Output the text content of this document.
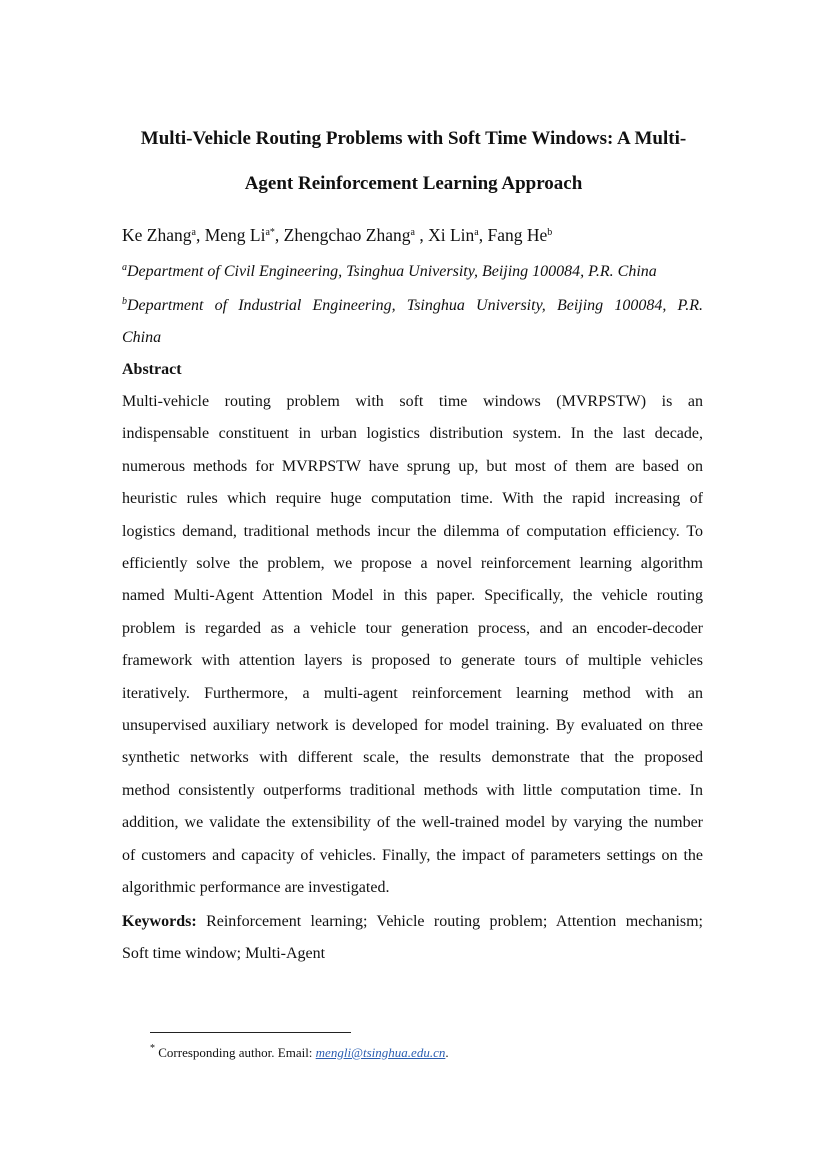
Multi-Vehicle Routing Problems with Soft Time Windows: A Multi-
Agent Reinforcement Learning Approach
Ke Zhang$^a$, Meng $Li^{a*}$, Zhengchao Zhang$^a$ , Xi Lin$^a$, Fang He$^b$
$^a$Department of Civil Engineering, Tsinghua University, Beijing 100084, P.R. China
$^b$Department of Industrial Engineering, Tsinghua University, Beijing 100084, P.R.
China
Abstract
Multi-vehicle routing problem with soft time windows (MVRPSTW) is an
indispensable constituent in urban logistics distribution system. In the last decade,
numerous methods for MVRPSTW have sprung up, but most of them are based on
heuristic rules which require huge computation time. With the rapid increasing of
logistics demand, traditional methods incur the dilemma of computation efficiency. To
efficiently solve the problem, we propose a novel reinforcement learning algorithm
named Multi-Agent Attention Model in this paper. Specifically, the vehicle routing
problem is regarded as a vehicle tour generation process, and an encoder-decoder
framework with attention layers is proposed to generate tours of multiple vehicles
iteratively. Furthermore, a multi-agent reinforcement learning method with an
unsupervised auxiliary network is developed for model training. By evaluated on three
synthetic networks with different scale, the results demonstrate that the proposed
method consistently outperforms traditional methods with little computation time. In
addition, we validate the extensibility of the well-trained model by varying the number
of customers and capacity of vehicles. Finally, the impact of parameters settings on the
algorithmic performance are investigated.
Keywords: Reinforcement learning; Vehicle routing problem; Attention mechanism;
Soft time window; Multi-Agent
* Corresponding author. Email: mengli@tsinghua.edu.cn.
